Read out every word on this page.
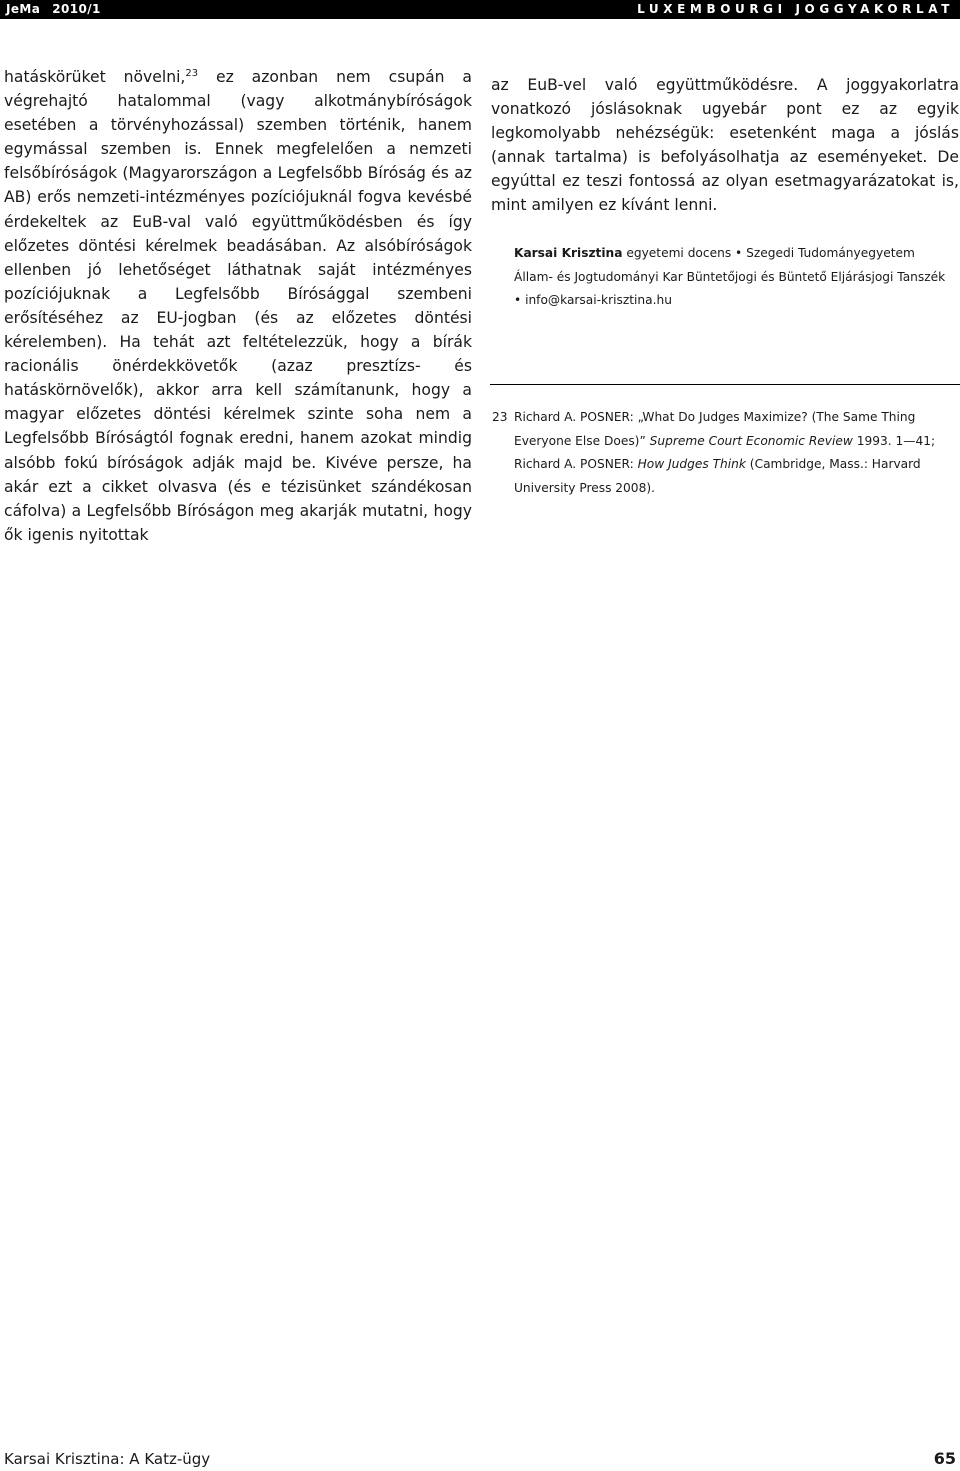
JeMa 2010/1	LUXEMBOURGI JOGGYAKORLAT

hatáskörüket növelni,$^{23}$ ez azonban nem csupán a végrehajtó hatalommal (vagy alkotmánybíróságok esetében a törvényhozással) szemben történik, hanem egymással szemben is. Ennek megfelelően a nemzeti felsőbíróságok (Magyarországon a Legfelsőbb Bíróság és az AB) erős nemzeti-intézményes pozíciójuknál fogva kevésbé érdekeltek az EuB-val való együttműködésben és így előzetes döntési kérelmek beadásában. Az alsóbíróságok ellenben jó lehetőséget láthatnak saját intézményes pozíciójuknak a Legfelsőbb Bírósággal szembeni erősítéséhez az EU-jogban (és az előzetes döntési kérelemben). Ha tehát azt feltételezzük, hogy a bírák racionális önérdekkövetők (azaz presztízs- és hatáskörnövelők), akkor arra kell számítanunk, hogy a magyar előzetes döntési kérelmek szinte soha nem a Legfelsőbb Bíróságtól fognak eredni, hanem azokat mindig alsóbb fokú bíróságok adják majd be. Kivéve persze, ha akár ezt a cikket olvasva (és e tézisünket szándékosan cáfolva) a Legfelsőbb Bíróságon meg akarják mutatni, hogy ők igenis nyitottak

az EuB-vel való együttműködésre. A joggyakorlatra vonatkozó jóslásoknak ugyebár pont ez az egyik legkomolyabb nehézségük: esetenként maga a jóslás (annak tartalma) is befolyásolhatja az eseményeket. De egyúttal ez teszi fontossá az olyan esetmagyarázatokat is, mint amilyen ez kívánt lenni.

Karsai Krisztina egyetemi docens • Szegedi Tudományegyetem Állam- és Jogtudományi Kar Büntetőjogi és Büntető Eljárásjogi Tanszék • info@karsai-krisztina.hu
23 Richard A. POSNER: „What Do Judges Maximize? (The Same Thing Everyone Else Does)” Supreme Court Economic Review 1993. 1—41; Richard A. POSNER: How Judges Think (Cambridge, Mass.: Harvard University Press 2008).
Karsai Krisztina: A Katz-ügy	65
